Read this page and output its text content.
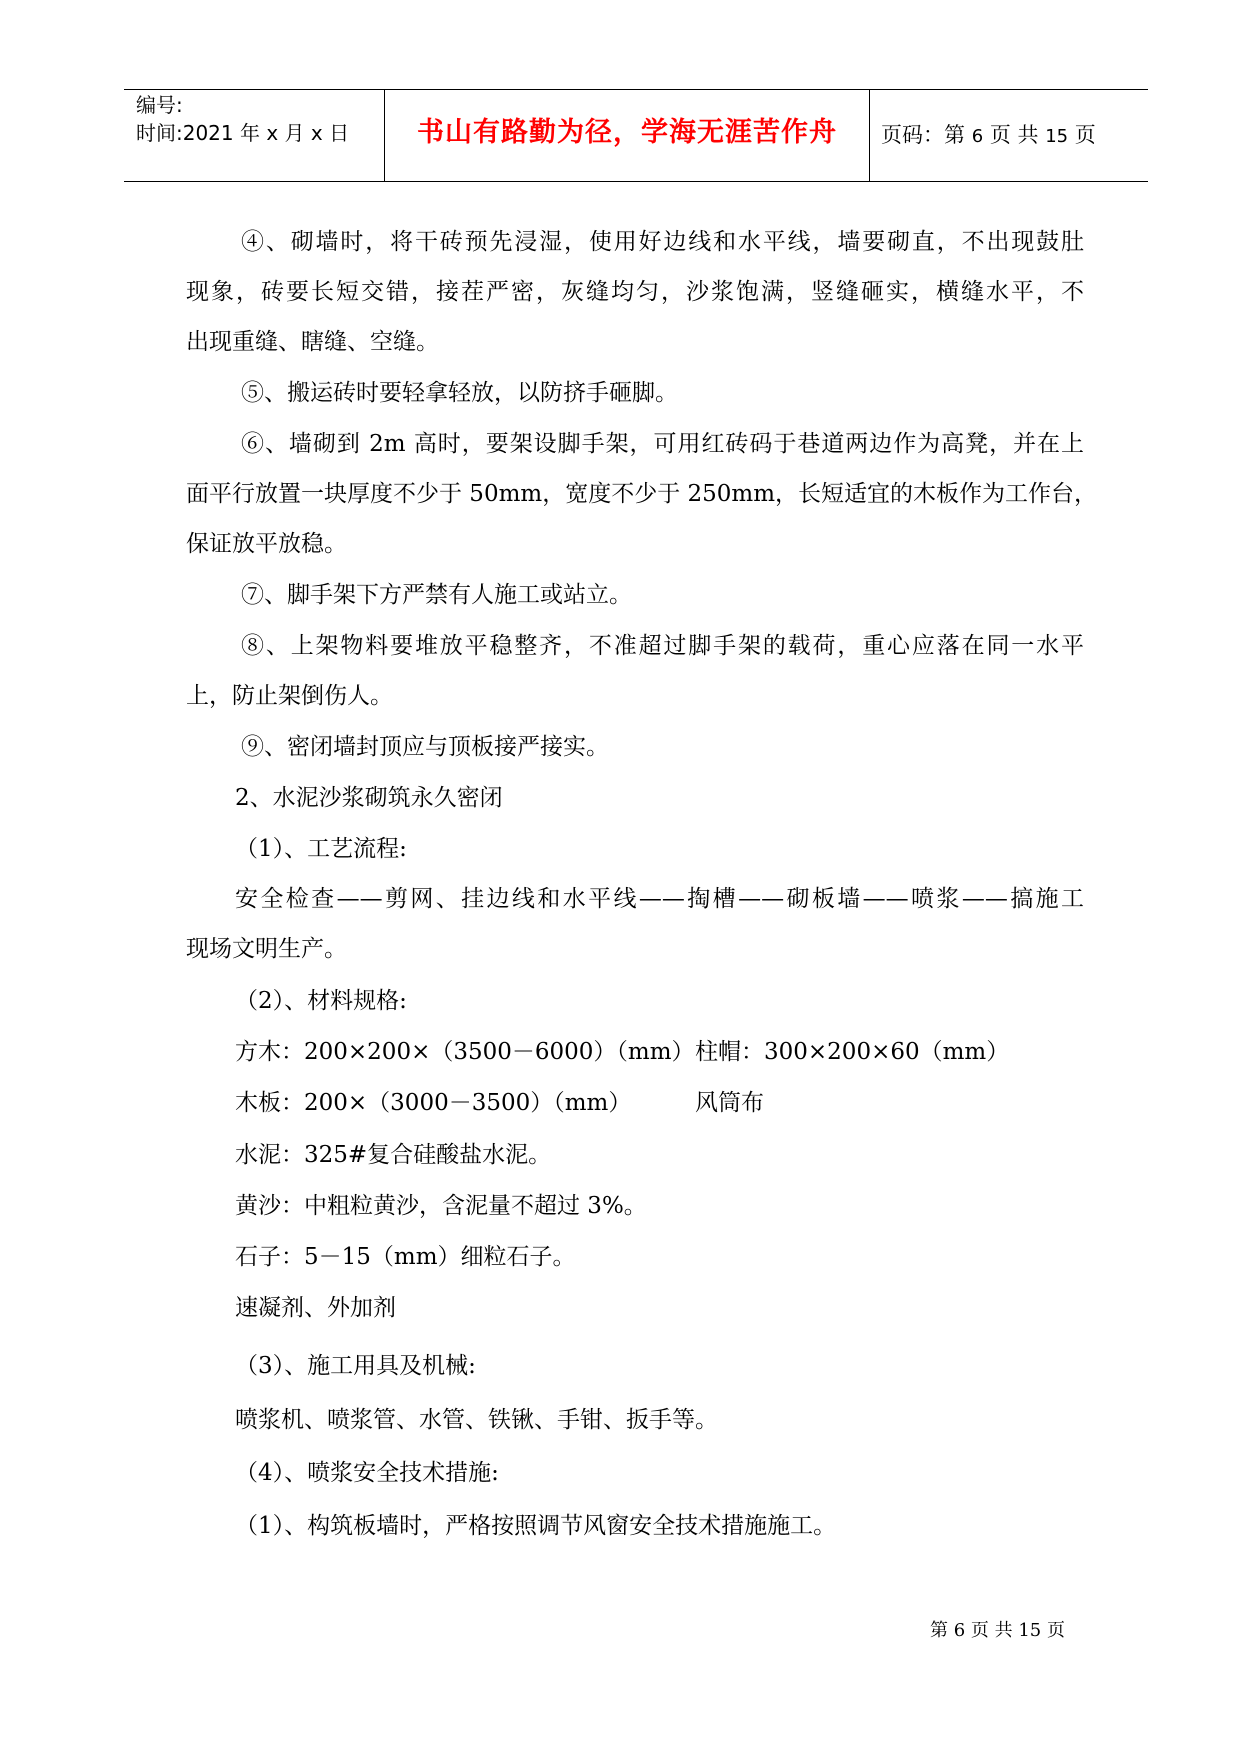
编号:
时间:2021 年 x 月 x 日	书山有路勤为径，学海无涯苦作舟	页码：第 6 页 共 15 页
④、砌墙时，将干砖预先浸湿，使用好边线和水平线，墙要砌直，不出现鼓肚
现象，砖要长短交错，接茬严密，灰缝均匀，沙浆饱满，竖缝砸实，横缝水平，不
出现重缝、瞎缝、空缝。
⑤、搬运砖时要轻拿轻放，以防挤手砸脚。
⑥、墙砌到 2m 高时，要架设脚手架，可用红砖码于巷道两边作为高凳，并在上
面平行放置一块厚度不少于 50mm，宽度不少于 250mm，长短适宜的木板作为工作台，
保证放平放稳。
⑦、脚手架下方严禁有人施工或站立。
⑧、上架物料要堆放平稳整齐，不准超过脚手架的载荷，重心应落在同一水平
上，防止架倒伤人。
⑨、密闭墙封顶应与顶板接严接实。
2、水泥沙浆砌筑永久密闭
（1）、工艺流程:
安全检查——剪网、挂边线和水平线——掏槽——砌板墙——喷浆——搞施工
现场文明生产。
（2）、材料规格:
方木：200×200×（3500－6000）（mm） 柱帽：300×200×60（mm）
木板：200×（3000－3500）（mm）	风筒布
水泥：325#复合硅酸盐水泥。
黄沙：中粗粒黄沙，含泥量不超过 3%。
石子：5－15（mm）细粒石子。
速凝剂、外加剂
（3）、施工用具及机械:
喷浆机、喷浆管、水管、铁锹、手钳、扳手等。
（4）、喷浆安全技术措施:
（1）、构筑板墙时，严格按照调节风窗安全技术措施施工。
第 6 页 共 15 页
